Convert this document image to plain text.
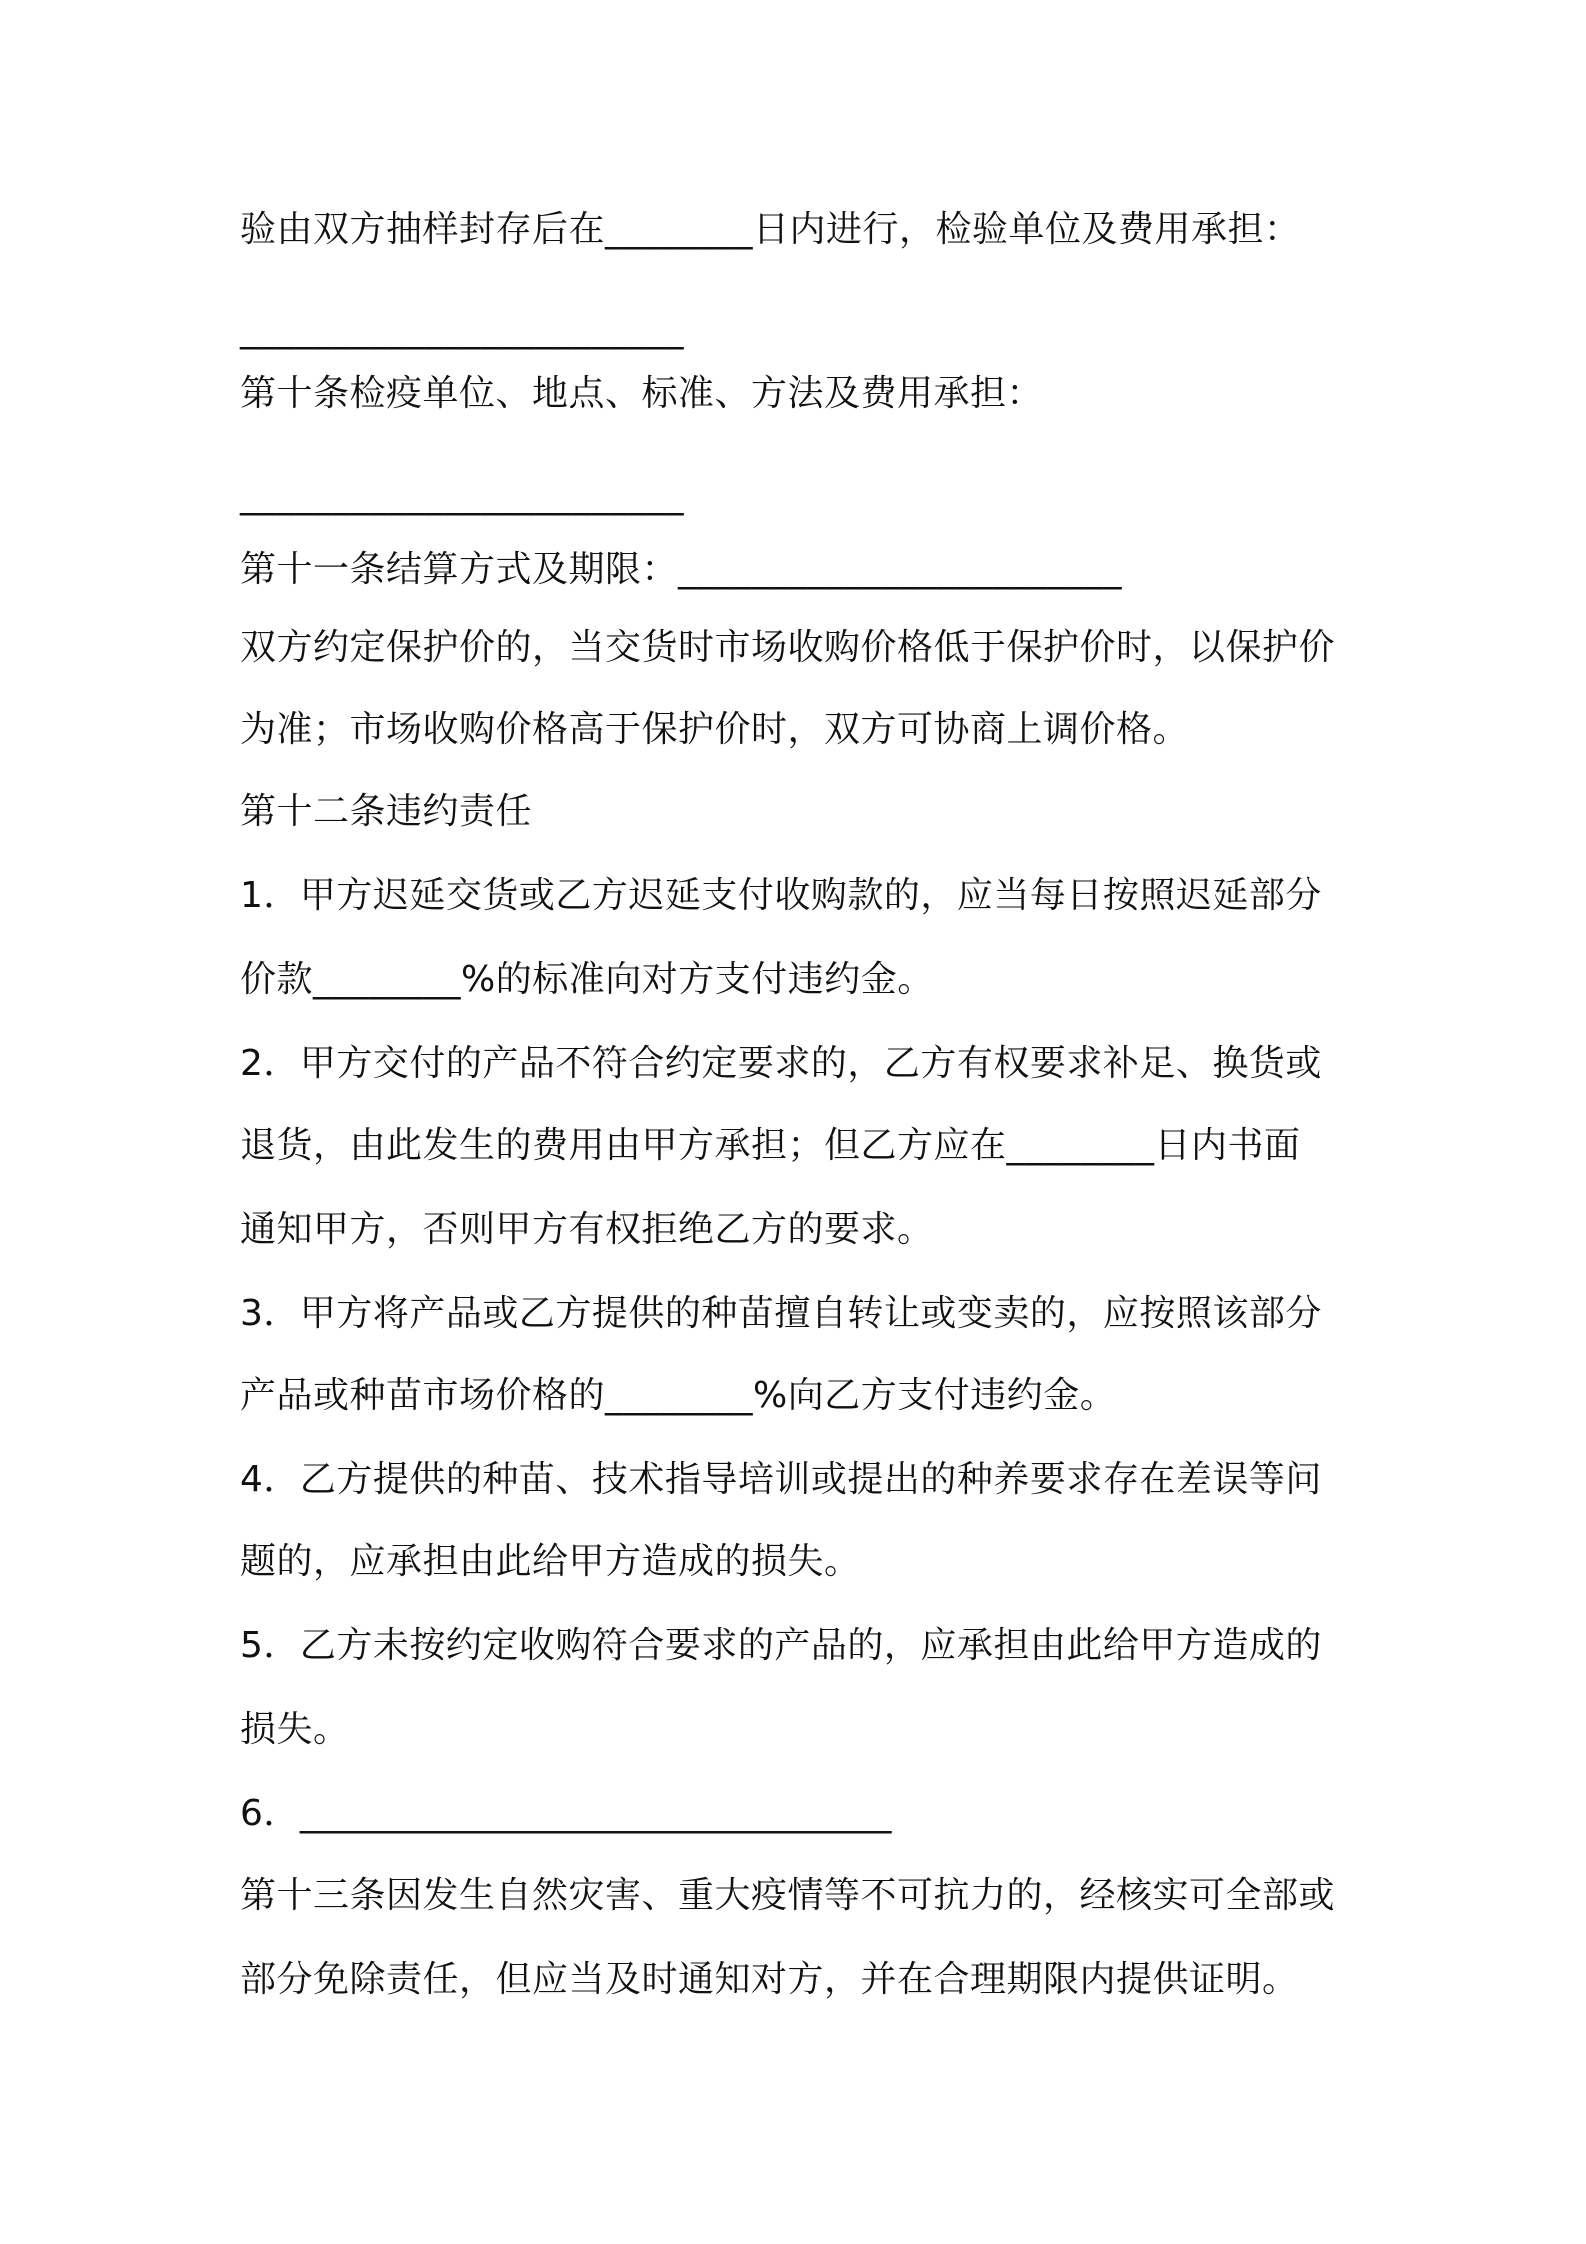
验由双方抽样封存后在________日内进行，检验单位及费用承担：
________________________
第十条检疫单位、地点、标准、方法及费用承担：
________________________
第十一条结算方式及期限：________________________
双方约定保护价的，当交货时市场收购价格低于保护价时，以保护价
为准；市场收购价格高于保护价时，双方可协商上调价格。
第十二条违约责任
1．甲方迟延交货或乙方迟延支付收购款的，应当每日按照迟延部分
价款________%的标准向对方支付违约金。
2．甲方交付的产品不符合约定要求的，乙方有权要求补足、换货或
退货，由此发生的费用由甲方承担；但乙方应在________日内书面
通知甲方，否则甲方有权拒绝乙方的要求。
3．甲方将产品或乙方提供的种苗擅自转让或变卖的，应按照该部分
产品或种苗市场价格的________%向乙方支付违约金。
4．乙方提供的种苗、技术指导培训或提出的种养要求存在差误等问
题的，应承担由此给甲方造成的损失。
5．乙方未按约定收购符合要求的产品的，应承担由此给甲方造成的
损失。
6．________________________________
第十三条因发生自然灾害、重大疫情等不可抗力的，经核实可全部或
部分免除责任，但应当及时通知对方，并在合理期限内提供证明。
